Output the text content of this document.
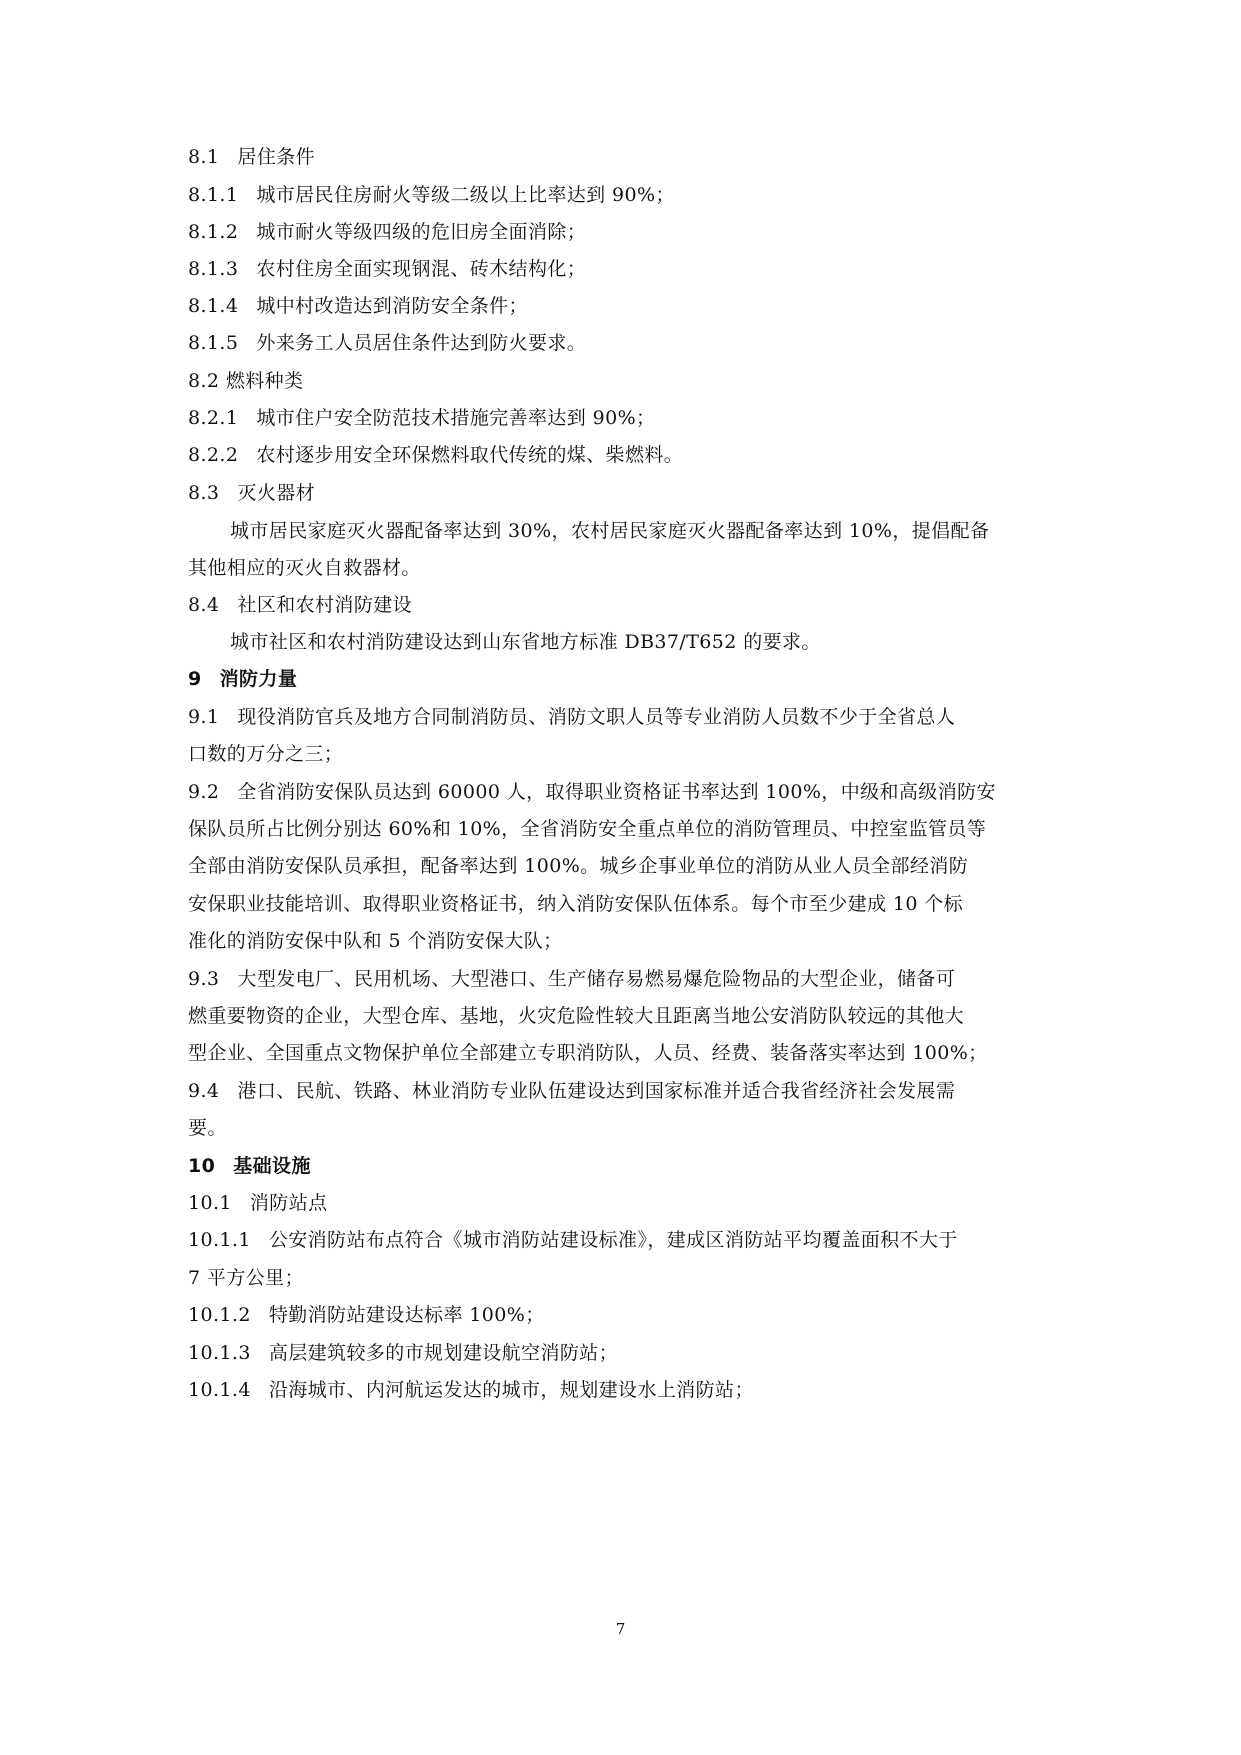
8.1 居住条件
8.1.1 城市居民住房耐火等级二级以上比率达到 90%；
8.1.2 城市耐火等级四级的危旧房全面消除；
8.1.3 农村住房全面实现钢混、砖木结构化；
8.1.4 城中村改造达到消防安全条件；
8.1.5 外来务工人员居住条件达到防火要求。
8.2 燃料种类
8.2.1 城市住户安全防范技术措施完善率达到 90%；
8.2.2 农村逐步用安全环保燃料取代传统的煤、柴燃料。
8.3 灭火器材
城市居民家庭灭火器配备率达到 30%，农村居民家庭灭火器配备率达到 10%，提倡配备
其他相应的灭火自救器材。
8.4 社区和农村消防建设
城市社区和农村消防建设达到山东省地方标准 DB37/T652 的要求。
9 消防力量
9.1 现役消防官兵及地方合同制消防员、消防文职人员等专业消防人员数不少于全省总人
口数的万分之三；
9.2 全省消防安保队员达到 60000 人，取得职业资格证书率达到 100%，中级和高级消防安
保队员所占比例分别达 60%和 10%，全省消防安全重点单位的消防管理员、中控室监管员等
全部由消防安保队员承担，配备率达到 100%。城乡企事业单位的消防从业人员全部经消防
安保职业技能培训、取得职业资格证书，纳入消防安保队伍体系。每个市至少建成 10 个标
准化的消防安保中队和 5 个消防安保大队；
9.3 大型发电厂、民用机场、大型港口、生产储存易燃易爆危险物品的大型企业，储备可
燃重要物资的企业，大型仓库、基地，火灾危险性较大且距离当地公安消防队较远的其他大
型企业、全国重点文物保护单位全部建立专职消防队，人员、经费、装备落实率达到 100%；
9.4 港口、民航、铁路、林业消防专业队伍建设达到国家标准并适合我省经济社会发展需
要。
10 基础设施
10.1 消防站点
10.1.1 公安消防站布点符合《城市消防站建设标准》，建成区消防站平均覆盖面积不大于
7 平方公里；
10.1.2 特勤消防站建设达标率 100%；
10.1.3 高层建筑较多的市规划建设航空消防站；
10.1.4 沿海城市、内河航运发达的城市，规划建设水上消防站；
7
